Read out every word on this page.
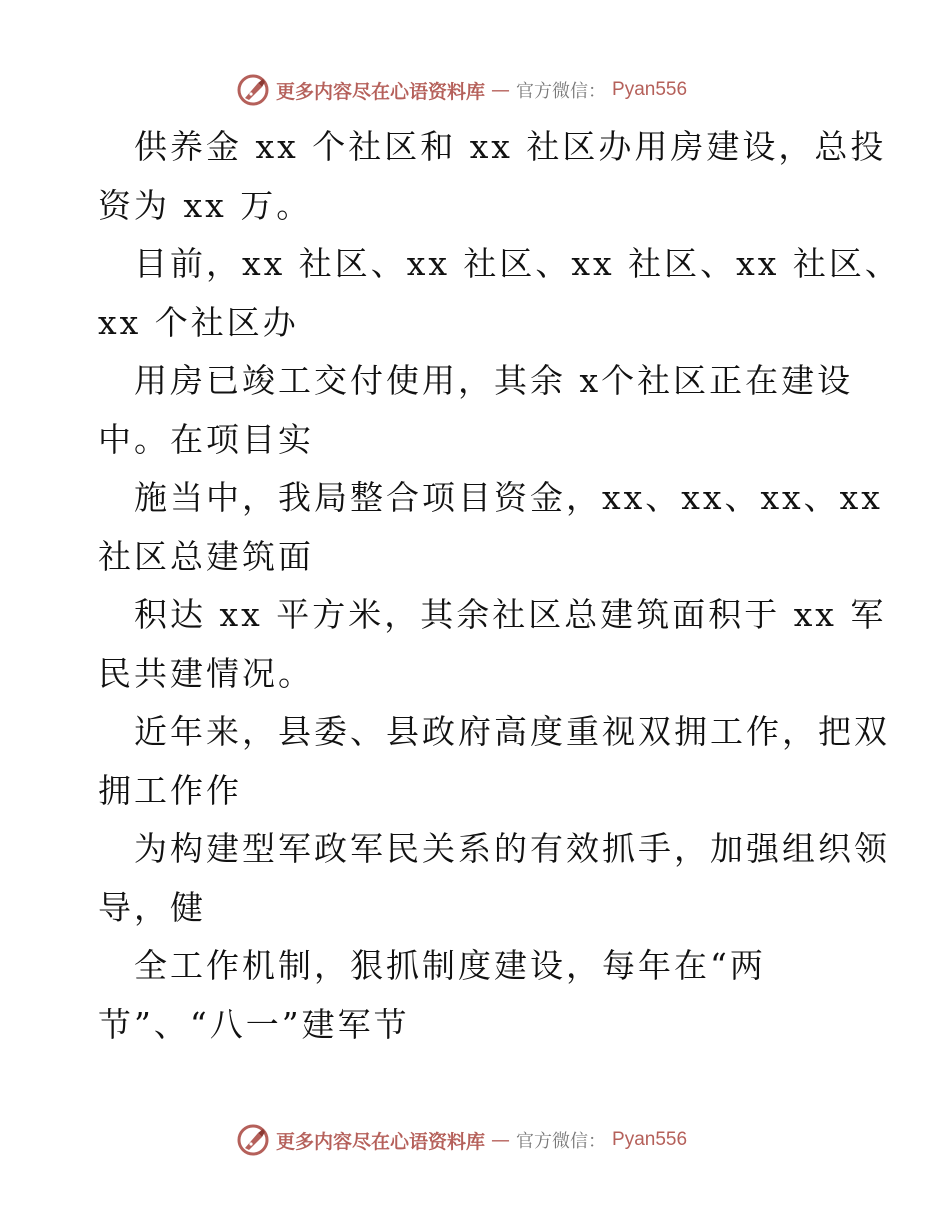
更多内容尽在心语资料库 — 官方微信： Pyan556
供养金 xx 个社区和 xx 社区办用房建设，总投
资为 xx 万。
目前，xx 社区、xx 社区、xx 社区、xx 社区、
xx 个社区办
用房已竣工交付使用，其余 x个社区正在建设
中。在项目实
施当中，我局整合项目资金，xx、xx、xx、xx
社区总建筑面
积达 xx 平方米，其余社区总建筑面积于 xx 军
民共建情况。
近年来，县委、县政府高度重视双拥工作，把双
拥工作作
为构建型军政军民关系的有效抓手，加强组织领
导，健
全工作机制，狠抓制度建设，每年在“两
节”、“八一”建军节
更多内容尽在心语资料库 — 官方微信： Pyan556
